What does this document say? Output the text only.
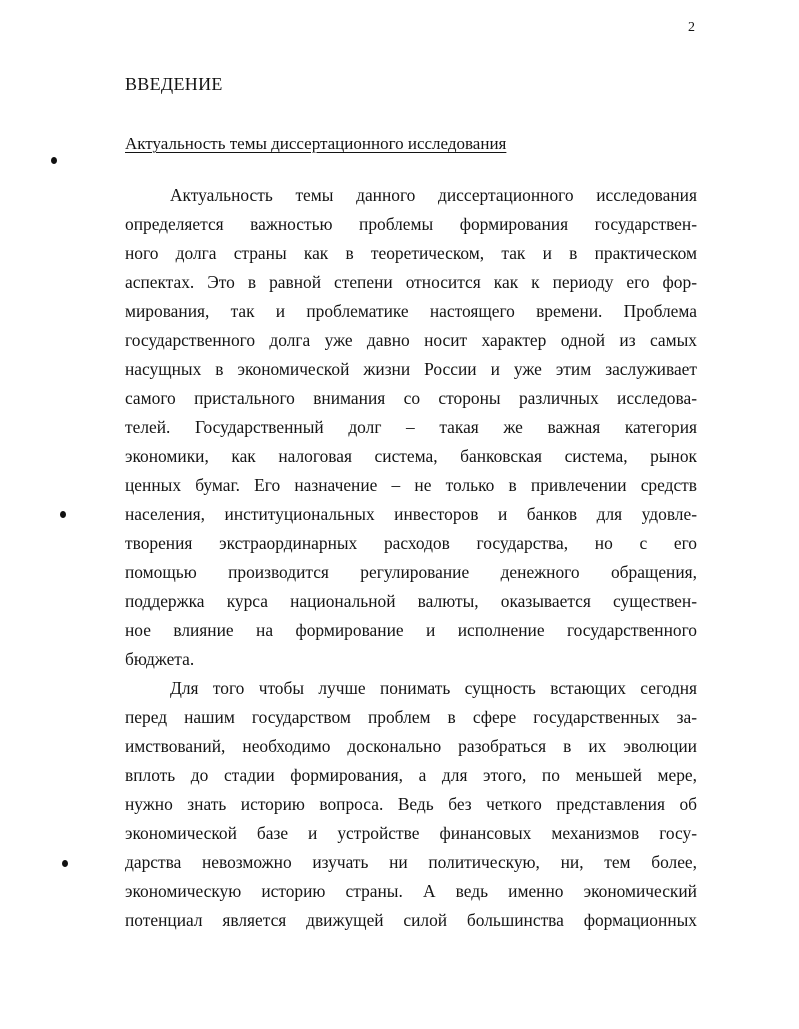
2
ВВЕДЕНИЕ
Актуальность темы диссертационного исследования
Актуальность темы данного диссертационного исследования
определяется важностью проблемы формирования государствен-
ного долга страны как в теоретическом, так и в практическом
аспектах. Это в равной степени относится как к периоду его фор-
мирования, так и проблематике настоящего времени. Проблема
государственного долга уже давно носит характер одной из самых
насущных в экономической жизни России и уже этим заслуживает
самого пристального внимания со стороны различных исследова-
телей. Государственный долг – такая же важная категория
экономики, как налоговая система, банковская система, рынок
ценных бумаг. Его назначение – не только в привлечении средств
населения, институциональных инвесторов и банков для удовле-
творения экстраординарных расходов государства, но с его
помощью производится регулирование денежного обращения,
поддержка курса национальной валюты, оказывается существен-
ное влияние на формирование и исполнение государственного
бюджета.
Для того чтобы лучше понимать сущность встающих сегодня
перед нашим государством проблем в сфере государственных за-
имствований, необходимо досконально разобраться в их эволюции
вплоть до стадии формирования, а для этого, по меньшей мере,
нужно знать историю вопроса. Ведь без четкого представления об
экономической базе и устройстве финансовых механизмов госу-
дарства невозможно изучать ни политическую, ни, тем более,
экономическую историю страны. А ведь именно экономический
потенциал является движущей силой большинства формационных
